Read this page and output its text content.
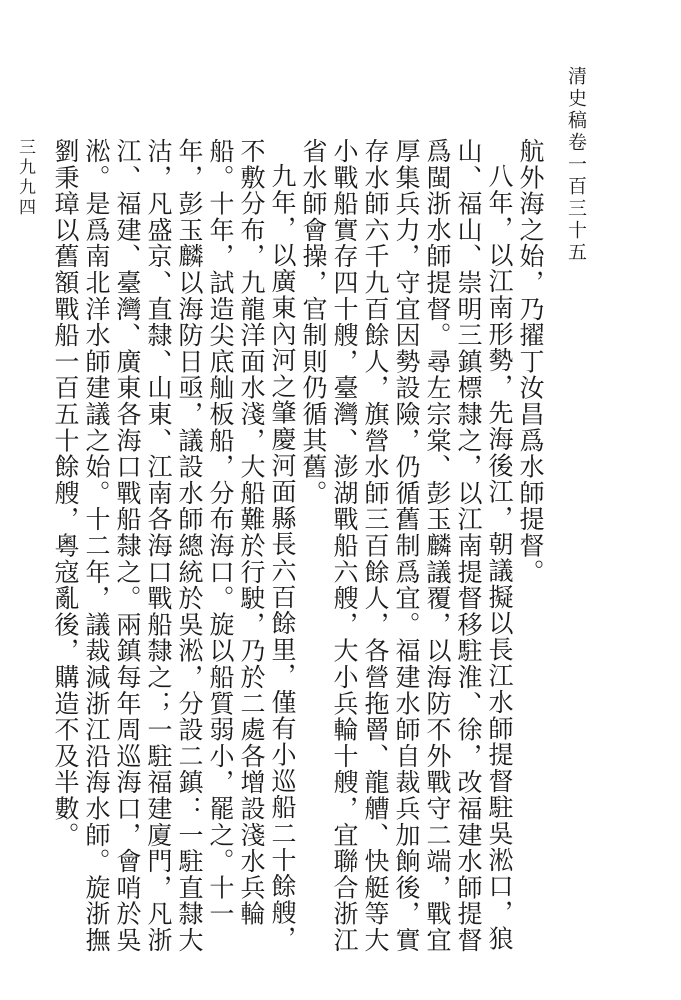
清史稿卷一百三十五

航外海之始，乃擢丁汝昌爲水師提督。

八年，以江南形勢，先海後江，朝議擬以長江水師提督駐吳淞口，狼山、福山、崇明三鎮標隸之，以江南提督移駐淮、徐，改福建水師提督爲閩浙水師提督。尋左宗棠、彭玉麟議覆，以海防不外戰守二端，戰宜厚集兵力，守宜因勢設險，仍循舊制爲宜。福建水師自裁兵加餉後，實存水師六千九百餘人，旗營水師三百餘人，各營拖罾、龍艚、快艇等大小戰船實存四十艘，臺灣、澎湖戰船六艘，大小兵輪十艘，宜聯合浙江省水師會操，官制則仍循其舊。

九年，以廣東內河之肇慶河面縣長六百餘里，僅有小巡船二十餘艘，不敷分布，九龍洋面水淺，大船難於行駛，乃於二處各增設淺水兵輪船。十年，試造尖底舢板船，分布海口。旋以船質弱小，罷之。十一年，彭玉麟以海防日亟，議設水師總統於吳淞，分設二鎮：一駐直隸大沽，凡盛京、直隸、山東、江南各海口戰船隸之；一駐福建廈門，凡浙江、福建、臺灣、廣東各海口戰船隸之。兩鎮每年周巡海口，會哨於吳淞。是爲南北洋水師建議之始。十二年，議裁減浙江沿海水師。旋浙撫劉秉璋以舊額戰船一百五十餘艘，粵寇亂後，購造不及半數。

三九九四
